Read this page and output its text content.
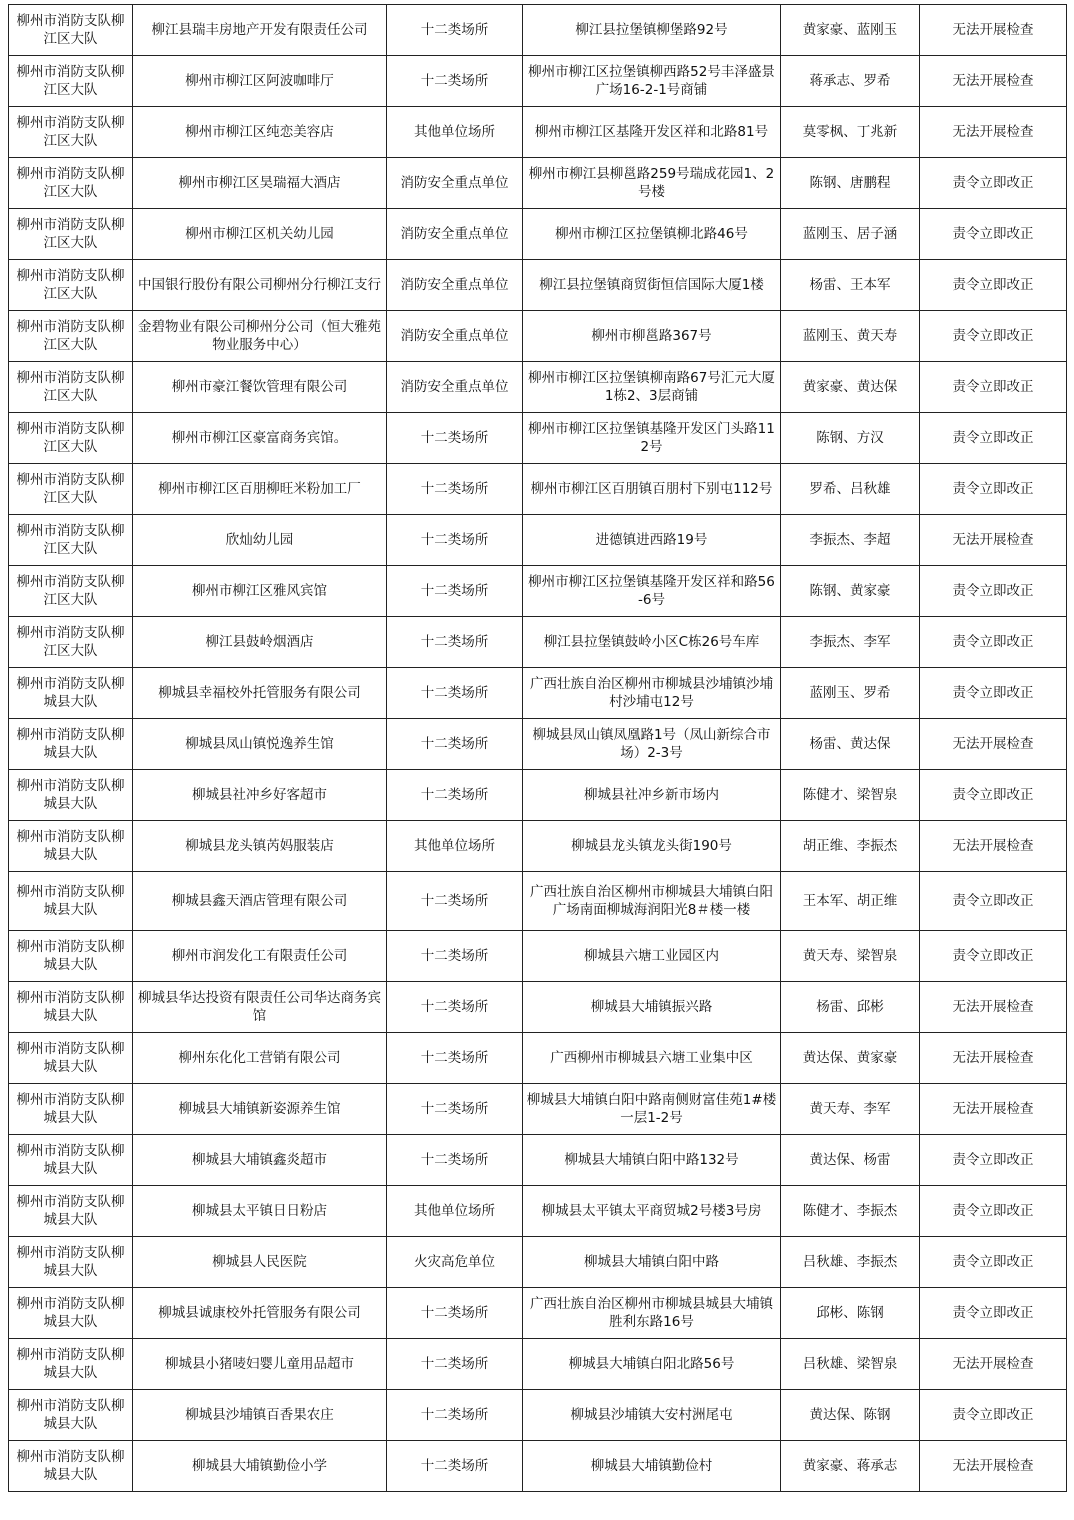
柳州市消防支队柳江区大队	柳江县瑞丰房地产开发有限责任公司	十二类场所	柳江县拉堡镇柳堡路92号	黄家豪、蓝刚玉	无法开展检查
柳州市消防支队柳江区大队	柳州市柳江区阿波咖啡厅	十二类场所	柳州市柳江区拉堡镇柳西路52号丰泽盛景广场16-2-1号商铺	蒋承志、罗希	无法开展检查
柳州市消防支队柳江区大队	柳州市柳江区纯恋美容店	其他单位场所	柳州市柳江区基隆开发区祥和北路81号	莫零枫、丁兆新	无法开展检查
柳州市消防支队柳江区大队	柳州市柳江区昊瑞福大酒店	消防安全重点单位	柳州市柳江县柳邕路259号瑞成花园1、2号楼	陈钢、唐鹏程	责令立即改正
柳州市消防支队柳江区大队	柳州市柳江区机关幼儿园	消防安全重点单位	柳州市柳江区拉堡镇柳北路46号	蓝刚玉、居子涵	责令立即改正
柳州市消防支队柳江区大队	中国银行股份有限公司柳州分行柳江支行	消防安全重点单位	柳江县拉堡镇商贸街恒信国际大厦1楼	杨雷、王本军	责令立即改正
柳州市消防支队柳江区大队	金碧物业有限公司柳州分公司（恒大雅苑物业服务中心）	消防安全重点单位	柳州市柳邕路367号	蓝刚玉、黄天寿	责令立即改正
柳州市消防支队柳江区大队	柳州市豪江餐饮管理有限公司	消防安全重点单位	柳州市柳江区拉堡镇柳南路67号汇元大厦1栋2、3层商铺	黄家豪、黄达保	责令立即改正
柳州市消防支队柳江区大队	柳州市柳江区豪富商务宾馆。	十二类场所	柳州市柳江区拉堡镇基隆开发区门头路112号	陈钢、方汉	责令立即改正
柳州市消防支队柳江区大队	柳州市柳江区百朋柳旺米粉加工厂	十二类场所	柳州市柳江区百朋镇百朋村下别屯112号	罗希、吕秋雄	责令立即改正
柳州市消防支队柳江区大队	欣灿幼儿园	十二类场所	进德镇进西路19号	李振杰、李超	无法开展检查
柳州市消防支队柳江区大队	柳州市柳江区雅风宾馆	十二类场所	柳州市柳江区拉堡镇基隆开发区祥和路56-6号	陈钢、黄家豪	责令立即改正
柳州市消防支队柳江区大队	柳江县鼓岭烟酒店	十二类场所	柳江县拉堡镇鼓岭小区C栋26号车库	李振杰、李军	责令立即改正
柳州市消防支队柳城县大队	柳城县幸福校外托管服务有限公司	十二类场所	广西壮族自治区柳州市柳城县沙埔镇沙埔村沙埔屯12号	蓝刚玉、罗希	责令立即改正
柳州市消防支队柳城县大队	柳城县凤山镇悦逸养生馆	十二类场所	柳城县凤山镇凤凰路1号（凤山新综合市场）2-3号	杨雷、黄达保	无法开展检查
柳州市消防支队柳城县大队	柳城县社冲乡好客超市	十二类场所	柳城县社冲乡新市场内	陈健才、梁智泉	责令立即改正
柳州市消防支队柳城县大队	柳城县龙头镇芮妈服装店	其他单位场所	柳城县龙头镇龙头街190号	胡正维、李振杰	无法开展检查
柳州市消防支队柳城县大队	柳城县鑫天酒店管理有限公司	十二类场所	广西壮族自治区柳州市柳城县大埔镇白阳广场南面柳城海润阳光8＃楼一楼	王本军、胡正维	责令立即改正
柳州市消防支队柳城县大队	柳州市润发化工有限责任公司	十二类场所	柳城县六塘工业园区内	黄天寿、梁智泉	责令立即改正
柳州市消防支队柳城县大队	柳城县华达投资有限责任公司华达商务宾馆	十二类场所	柳城县大埔镇振兴路	杨雷、邱彬	无法开展检查
柳州市消防支队柳城县大队	柳州东化化工营销有限公司	十二类场所	广西柳州市柳城县六塘工业集中区	黄达保、黄家豪	无法开展检查
柳州市消防支队柳城县大队	柳城县大埔镇新姿源养生馆	十二类场所	柳城县大埔镇白阳中路南侧财富佳苑1#楼一层1-2号	黄天寿、李军	无法开展检查
柳州市消防支队柳城县大队	柳城县大埔镇鑫炎超市	十二类场所	柳城县大埔镇白阳中路132号	黄达保、杨雷	责令立即改正
柳州市消防支队柳城县大队	柳城县太平镇日日粉店	其他单位场所	柳城县太平镇太平商贸城2号楼3号房	陈健才、李振杰	责令立即改正
柳州市消防支队柳城县大队	柳城县人民医院	火灾高危单位	柳城县大埔镇白阳中路	吕秋雄、李振杰	责令立即改正
柳州市消防支队柳城县大队	柳城县诚康校外托管服务有限公司	十二类场所	广西壮族自治区柳州市柳城县城县大埔镇胜利东路16号	邱彬、陈钢	责令立即改正
柳州市消防支队柳城县大队	柳城县小猪唛妇婴儿童用品超市	十二类场所	柳城县大埔镇白阳北路56号	吕秋雄、梁智泉	无法开展检查
柳州市消防支队柳城县大队	柳城县沙埔镇百香果农庄	十二类场所	柳城县沙埔镇大安村洲尾屯	黄达保、陈钢	责令立即改正
柳州市消防支队柳城县大队	柳城县大埔镇勤俭小学	十二类场所	柳城县大埔镇勤俭村	黄家豪、蒋承志	无法开展检查
